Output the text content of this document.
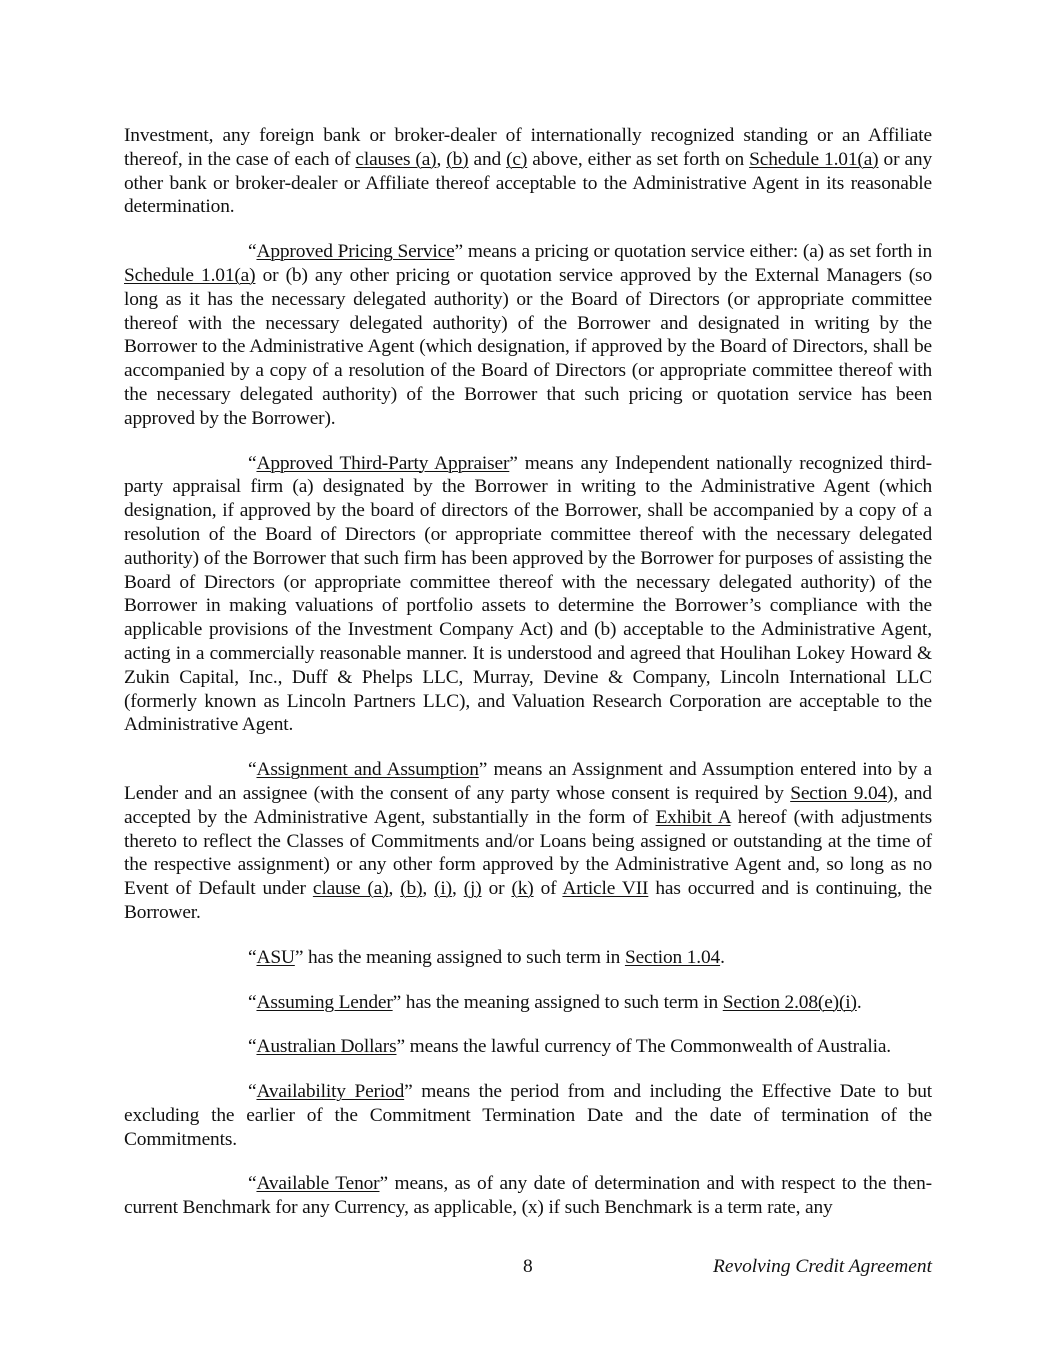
Investment, any foreign bank or broker-dealer of internationally recognized standing or an Affiliate thereof, in the case of each of clauses (a), (b) and (c) above, either as set forth on Schedule 1.01(a) or any other bank or broker-dealer or Affiliate thereof acceptable to the Administrative Agent in its reasonable determination.

“Approved Pricing Service” means a pricing or quotation service either: (a) as set forth in Schedule 1.01(a) or (b) any other pricing or quotation service approved by the External Managers (so long as it has the necessary delegated authority) or the Board of Directors (or appropriate committee thereof with the necessary delegated authority) of the Borrower and designated in writing by the Borrower to the Administrative Agent (which designation, if approved by the Board of Directors, shall be accompanied by a copy of a resolution of the Board of Directors (or appropriate committee thereof with the necessary delegated authority) of the Borrower that such pricing or quotation service has been approved by the Borrower).

“Approved Third-Party Appraiser” means any Independent nationally recognized third-party appraisal firm (a) designated by the Borrower in writing to the Administrative Agent (which designation, if approved by the board of directors of the Borrower, shall be accompanied by a copy of a resolution of the Board of Directors (or appropriate committee thereof with the necessary delegated authority) of the Borrower that such firm has been approved by the Borrower for purposes of assisting the Board of Directors (or appropriate committee thereof with the necessary delegated authority) of the Borrower in making valuations of portfolio assets to determine the Borrower’s compliance with the applicable provisions of the Investment Company Act) and (b) acceptable to the Administrative Agent, acting in a commercially reasonable manner. It is understood and agreed that Houlihan Lokey Howard & Zukin Capital, Inc., Duff & Phelps LLC, Murray, Devine & Company, Lincoln International LLC (formerly known as Lincoln Partners LLC), and Valuation Research Corporation are acceptable to the Administrative Agent.

“Assignment and Assumption” means an Assignment and Assumption entered into by a Lender and an assignee (with the consent of any party whose consent is required by Section 9.04), and accepted by the Administrative Agent, substantially in the form of Exhibit A hereof (with adjustments thereto to reflect the Classes of Commitments and/or Loans being assigned or outstanding at the time of the respective assignment) or any other form approved by the Administrative Agent and, so long as no Event of Default under clause (a), (b), (i), (j) or (k) of Article VII has occurred and is continuing, the Borrower.

“ASU” has the meaning assigned to such term in Section 1.04.

“Assuming Lender” has the meaning assigned to such term in Section 2.08(e)(i).

“Australian Dollars” means the lawful currency of The Commonwealth of Australia.

“Availability Period” means the period from and including the Effective Date to but excluding the earlier of the Commitment Termination Date and the date of termination of the Commitments.

“Available Tenor” means, as of any date of determination and with respect to the then-current Benchmark for any Currency, as applicable, (x) if such Benchmark is a term rate, any

8	Revolving Credit Agreement
